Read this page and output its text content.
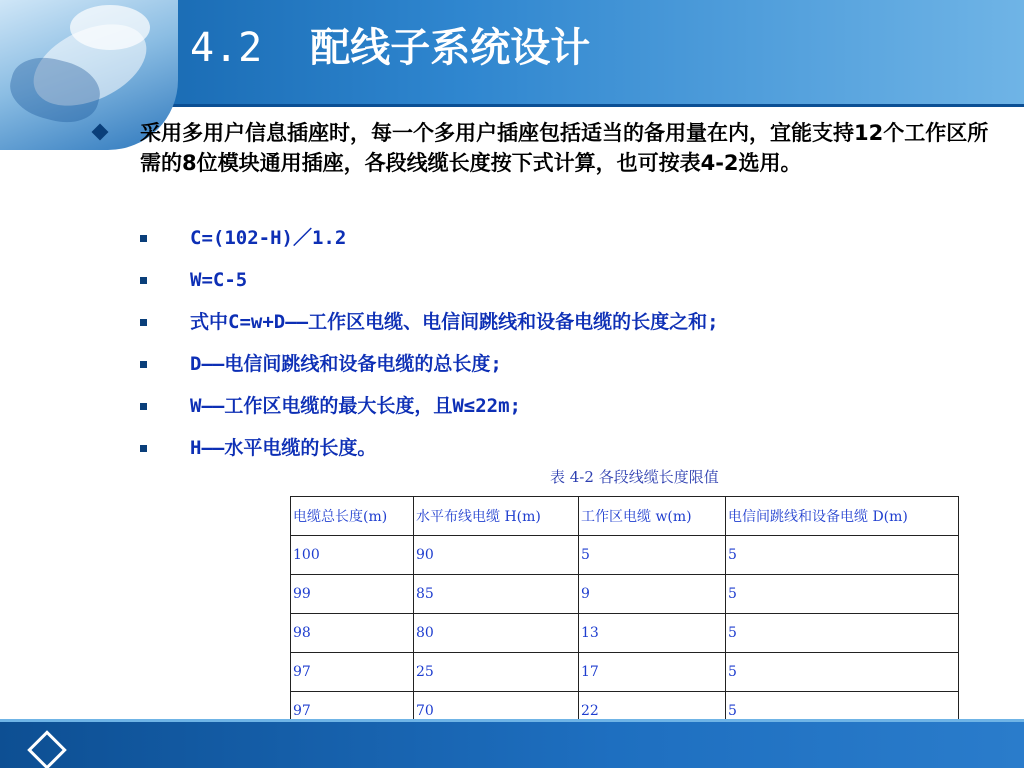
4.2 配线子系统设计
采用多用户信息插座时，每一个多用户插座包括适当的备用量在内，宜能支持12个工作区所需的8位模块通用插座，各段线缆长度按下式计算，也可按表4-2选用。
C=(102-H)／1.2
W=C-5
式中C=w+D——工作区电缆、电信间跳线和设备电缆的长度之和;
D——电信间跳线和设备电缆的总长度;
W——工作区电缆的最大长度，且W≤22m;
H——水平电缆的长度。
表 4-2 各段线缆长度限值
电缆总长度(m)	水平布线电缆 H(m)	工作区电缆 w(m)	电信间跳线和设备电缆 D(m)
100	90	5	5
99	85	9	5
98	80	13	5
97	25	17	5
97	70	22	5
